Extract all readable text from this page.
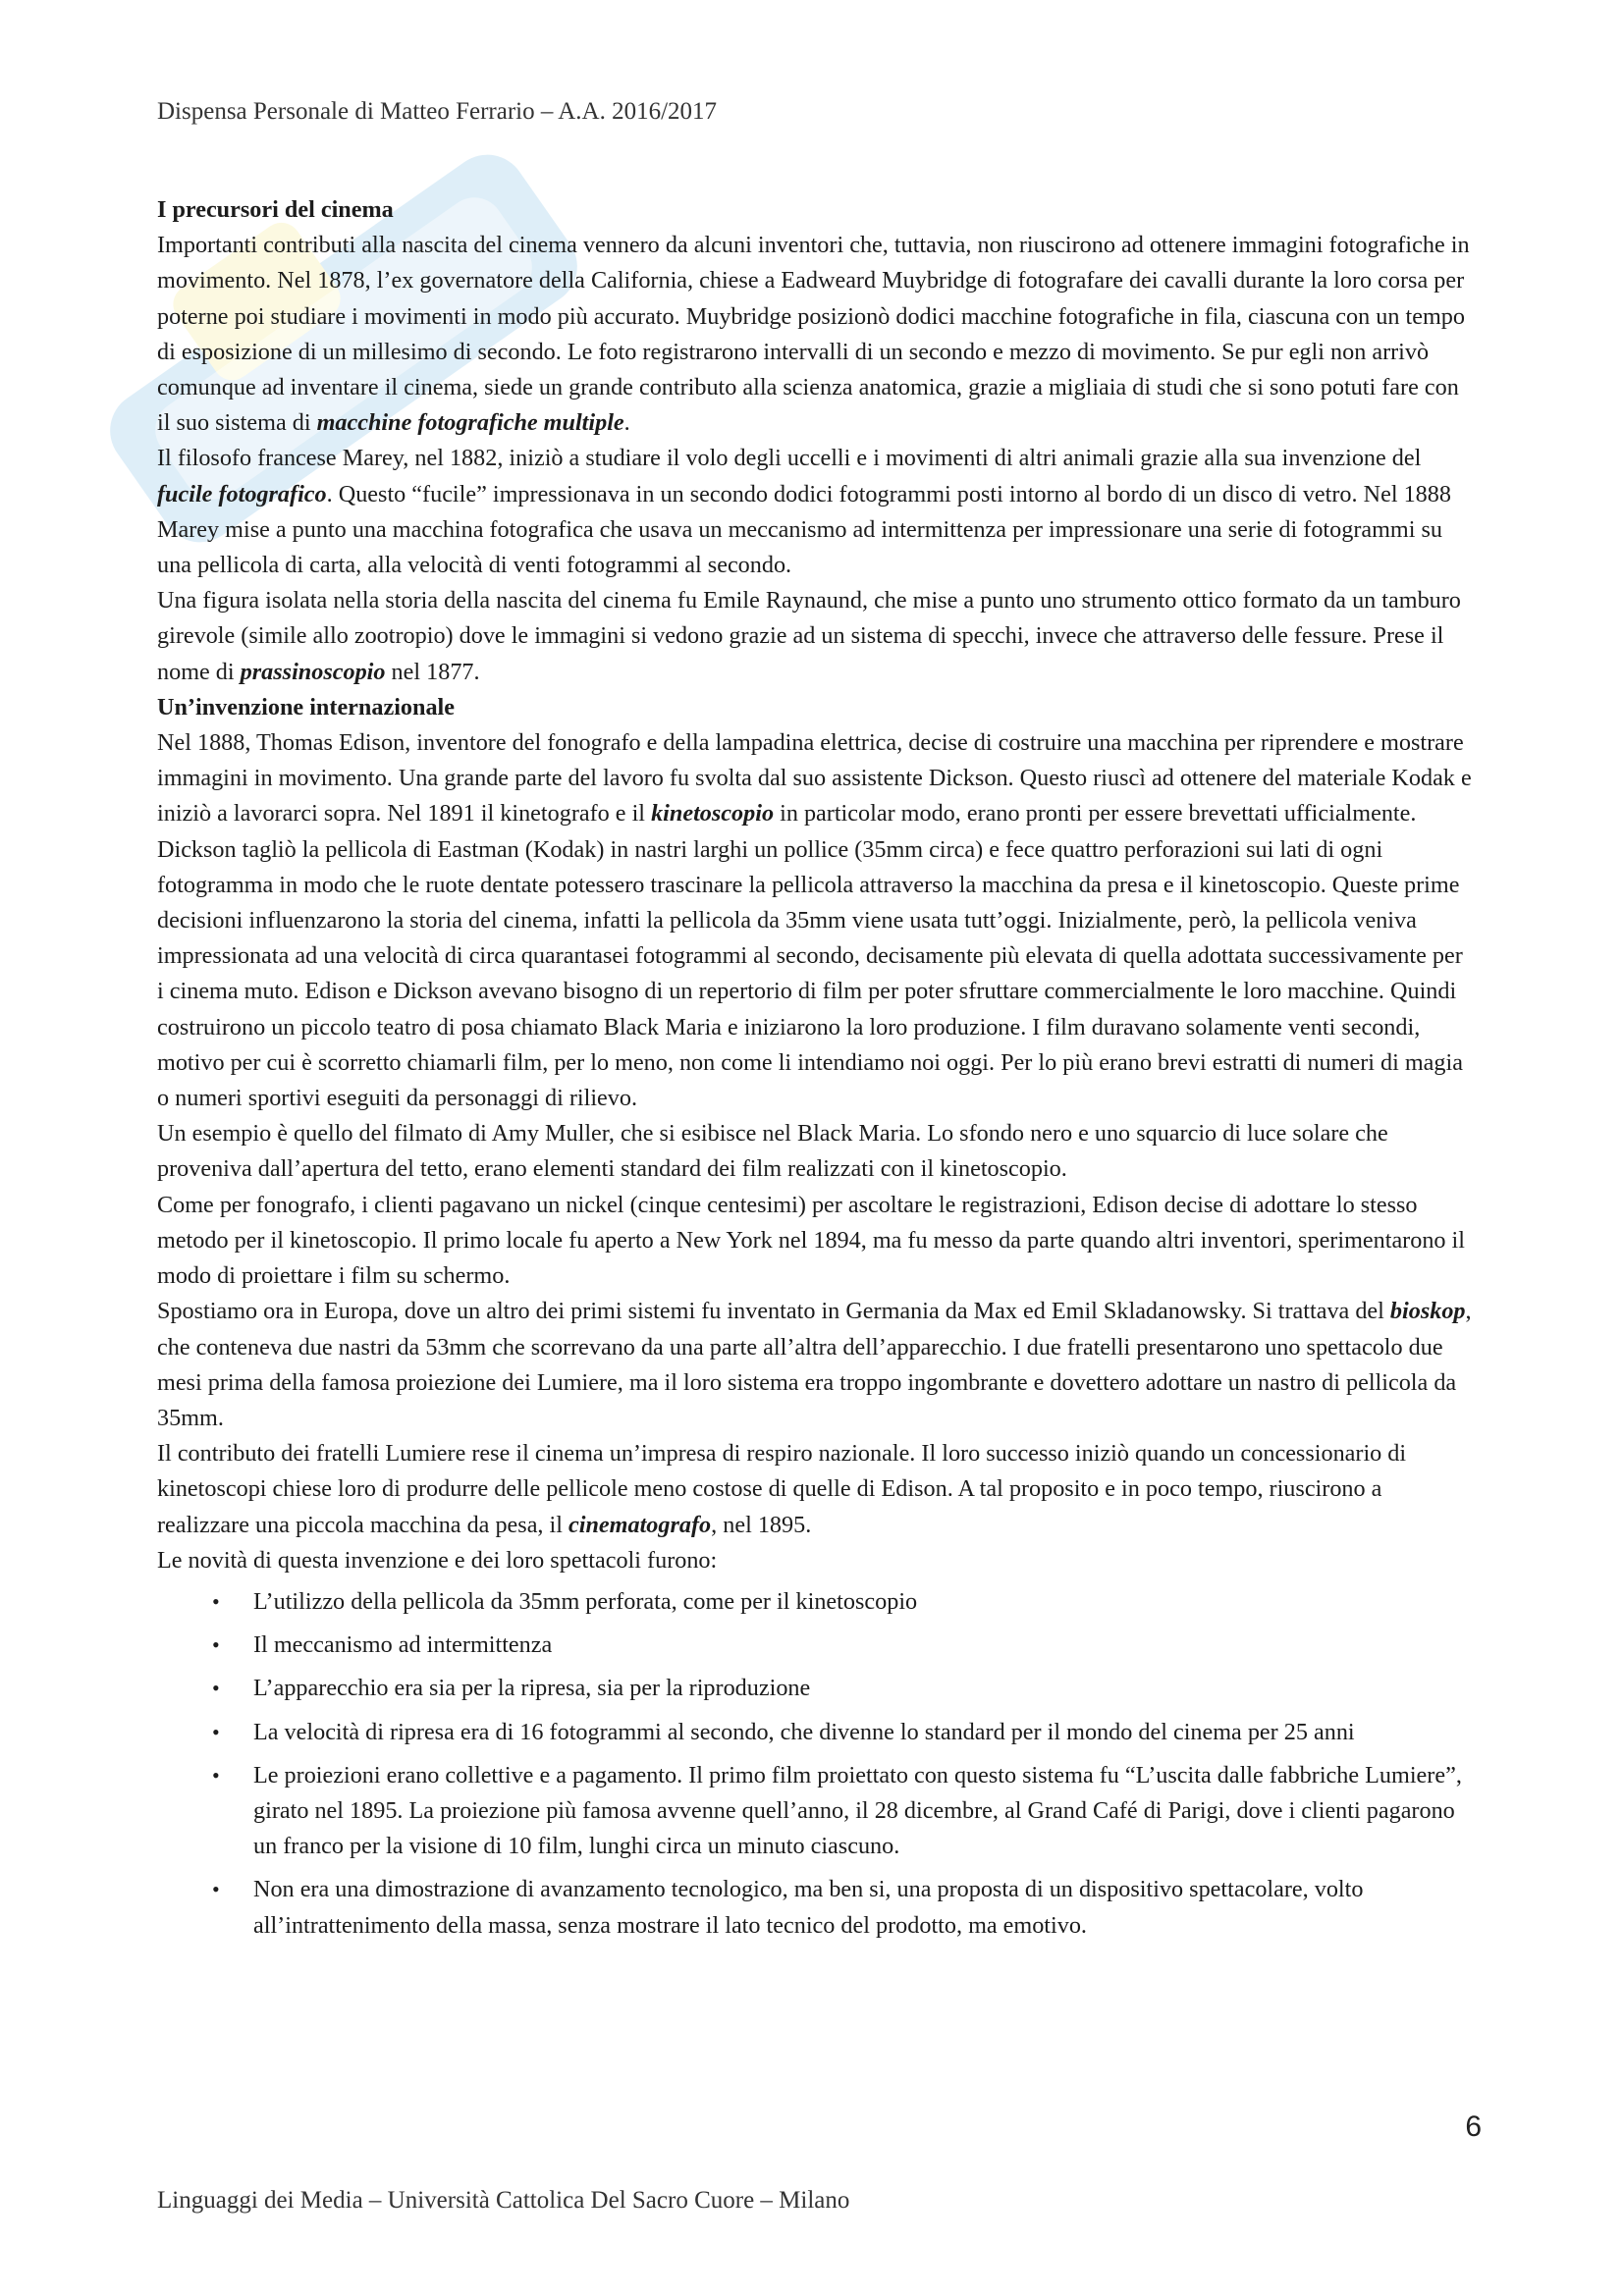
Dispensa Personale di Matteo Ferrario – A.A. 2016/2017
I precursori del cinema

Importanti contributi alla nascita del cinema vennero da alcuni inventori che, tuttavia, non riuscirono ad ottenere immagini fotografiche in movimento. Nel 1878, l’ex governatore della California, chiese a Eadweard Muybridge di fotografare dei cavalli durante la loro corsa per poterne poi studiare i movimenti in modo più accurato. Muybridge posizionò dodici macchine fotografiche in fila, ciascuna con un tempo di esposizione di un millesimo di secondo. Le foto registrarono intervalli di un secondo e mezzo di movimento. Se pur egli non arrivò comunque ad inventare il cinema, siede un grande contributo alla scienza anatomica, grazie a migliaia di studi che si sono potuti fare con il suo sistema di macchine fotografiche multiple.

Il filosofo francese Marey, nel 1882, iniziò a studiare il volo degli uccelli e i movimenti di altri animali grazie alla sua invenzione del fucile fotografico. Questo “fucile” impressionava in un secondo dodici fotogrammi posti intorno al bordo di un disco di vetro. Nel 1888 Marey mise a punto una macchina fotografica che usava un meccanismo ad intermittenza per impressionare una serie di fotogrammi su una pellicola di carta, alla velocità di venti fotogrammi al secondo.

Una figura isolata nella storia della nascita del cinema fu Emile Raynaund, che mise a punto uno strumento ottico formato da un tamburo girevole (simile allo zootropio) dove le immagini si vedono grazie ad un sistema di specchi, invece che attraverso delle fessure. Prese il nome di prassinoscopio nel 1877.

Un’invenzione internazionale

Nel 1888, Thomas Edison, inventore del fonografo e della lampadina elettrica, decise di costruire una macchina per riprendere e mostrare immagini in movimento. Una grande parte del lavoro fu svolta dal suo assistente Dickson. Questo riuscì ad ottenere del materiale Kodak e iniziò a lavorarci sopra. Nel 1891 il kinetografo e il kinetoscopio in particolar modo, erano pronti per essere brevettati ufficialmente. Dickson tagliò la pellicola di Eastman (Kodak) in nastri larghi un pollice (35mm circa) e fece quattro perforazioni sui lati di ogni fotogramma in modo che le ruote dentate potessero trascinare la pellicola attraverso la macchina da presa e il kinetoscopio. Queste prime decisioni influenzarono la storia del cinema, infatti la pellicola da 35mm viene usata tutt’oggi. Inizialmente, però, la pellicola veniva impressionata ad una velocità di circa quarantasei fotogrammi al secondo, decisamente più elevata di quella adottata successivamente per i cinema muto. Edison e Dickson avevano bisogno di un repertorio di film per poter sfruttare commercialmente le loro macchine. Quindi costruirono un piccolo teatro di posa chiamato Black Maria e iniziarono la loro produzione. I film duravano solamente venti secondi, motivo per cui è scorretto chiamarli film, per lo meno, non come li intendiamo noi oggi. Per lo più erano brevi estratti di numeri di magia o numeri sportivi eseguiti da personaggi di rilievo.

Un esempio è quello del filmato di Amy Muller, che si esibisce nel Black Maria. Lo sfondo nero e uno squarcio di luce solare che proveniva dall’apertura del tetto, erano elementi standard dei film realizzati con il kinetoscopio.

Come per fonografo, i clienti pagavano un nickel (cinque centesimi) per ascoltare le registrazioni, Edison decise di adottare lo stesso metodo per il kinetoscopio. Il primo locale fu aperto a New York nel 1894, ma fu messo da parte quando altri inventori, sperimentarono il modo di proiettare i film su schermo.

Spostiamo ora in Europa, dove un altro dei primi sistemi fu inventato in Germania da Max ed Emil Skladanowsky. Si trattava del bioskop, che conteneva due nastri da 53mm che scorrevano da una parte all’altra dell’apparecchio. I due fratelli presentarono uno spettacolo due mesi prima della famosa proiezione dei Lumiere, ma il loro sistema era troppo ingombrante e dovettero adottare un nastro di pellicola da 35mm.

Il contributo dei fratelli Lumiere rese il cinema un’impresa di respiro nazionale. Il loro successo iniziò quando un concessionario di kinetoscopi chiese loro di produrre delle pellicole meno costose di quelle di Edison. A tal proposito e in poco tempo, riuscirono a realizzare una piccola macchina da pesa, il cinematografo, nel 1895.

Le novità di questa invenzione e dei loro spettacoli furono:

• L’utilizzo della pellicola da 35mm perforata, come per il kinetoscopio
• Il meccanismo ad intermittenza
• L’apparecchio era sia per la ripresa, sia per la riproduzione
• La velocità di ripresa era di 16 fotogrammi al secondo, che divenne lo standard per il mondo del cinema per 25 anni
• Le proiezioni erano collettive e a pagamento. Il primo film proiettato con questo sistema fu “L’uscita dalle fabbriche Lumiere”, girato nel 1895. La proiezione più famosa avvenne quell’anno, il 28 dicembre, al Grand Café di Parigi, dove i clienti pagarono un franco per la visione di 10 film, lunghi circa un minuto ciascuno.
• Non era una dimostrazione di avanzamento tecnologico, ma ben si, una proposta di un dispositivo spettacolare, volto all’intrattenimento della massa, senza mostrare il lato tecnico del prodotto, ma emotivo.
6
Linguaggi dei Media – Università Cattolica Del Sacro Cuore – Milano
